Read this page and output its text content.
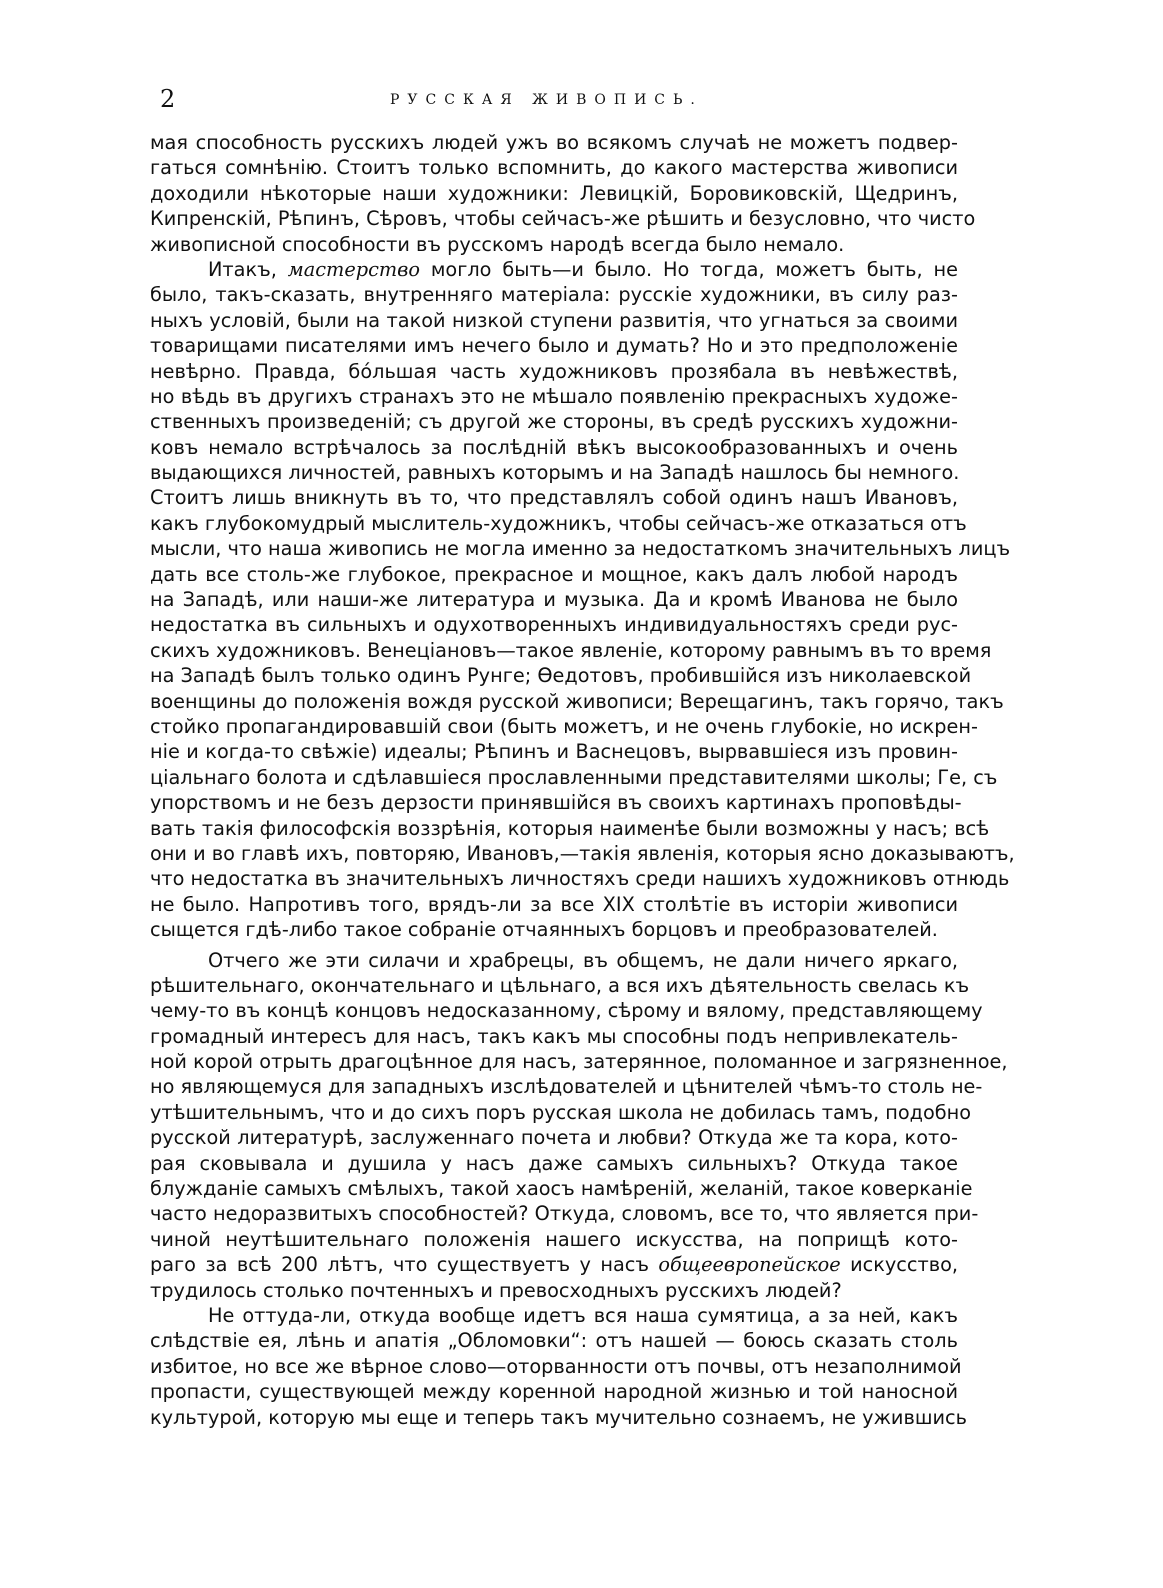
2	РУССКАЯ ЖИВОПИСЬ.
мая способность русскихъ людей ужъ во всякомъ случаѣ не можетъ подвер-
гаться сомнѣнію. Стоитъ только вспомнить, до какого мастерства живописи
доходили нѣкоторые наши художники: Левицкій, Боровиковскій, Щедринъ,
Кипренскій, Рѣпинъ, Сѣровъ, чтобы сейчасъ-же рѣшить и безусловно, что чисто
живописной способности въ русскомъ народѣ всегда было немало.
Итакъ, мастерство могло быть—и было. Но тогда, можетъ быть, не
было, такъ-сказать, внутренняго матеріала: русскіе художники, въ силу раз-
ныхъ условій, были на такой низкой ступени развитія, что угнаться за своими
товарищами писателями имъ нечего было и думать? Но и это предположеніе
невѣрно. Правда, бóльшая часть художниковъ прозябала въ невѣжествѣ,
но вѣдь въ другихъ странахъ это не мѣшало появленію прекрасныхъ художе-
ственныхъ произведеній; съ другой же стороны, въ средѣ русскихъ художни-
ковъ немало встрѣчалось за послѣдній вѣкъ высокообразованныхъ и очень
выдающихся личностей, равныхъ которымъ и на Западѣ нашлось бы немного.
Стоитъ лишь вникнуть въ то, что представлялъ собой одинъ нашъ Ивановъ,
какъ глубокомудрый мыслитель-художникъ, чтобы сейчасъ-же отказаться отъ
мысли, что наша живопись не могла именно за недостаткомъ значительныхъ лицъ
дать все столь-же глубокое, прекрасное и мощное, какъ далъ любой народъ
на Западѣ, или наши-же литература и музыка. Да и кромѣ Иванова не было
недостатка въ сильныхъ и одухотворенныхъ индивидуальностяхъ среди рус-
скихъ художниковъ. Венеціановъ—такое явленіе, которому равнымъ въ то время
на Западѣ былъ только одинъ Рунге; Ѳедотовъ, пробившійся изъ николаевской
военщины до положенія вождя русской живописи; Верещагинъ, такъ горячо, такъ
стойко пропагандировавшій свои (быть можетъ, и не очень глубокіе, но искрен-
ніе и когда-то свѣжіе) идеалы; Рѣпинъ и Васнецовъ, вырвавшіеся изъ провин-
ціальнаго болота и сдѣлавшіеся прославленными представителями школы; Ге, съ
упорствомъ и не безъ дерзости принявшійся въ своихъ картинахъ проповѣды-
вать такія философскія воззрѣнія, которыя наименѣе были возможны у насъ; всѣ
они и во главѣ ихъ, повторяю, Ивановъ,—такія явленія, которыя ясно доказываютъ,
что недостатка въ значительныхъ личностяхъ среди нашихъ художниковъ отнюдь
не было. Напротивъ того, врядъ-ли за все XIX столѣтіе въ исторіи живописи
сыщется гдѣ-либо такое собраніе отчаянныхъ борцовъ и преобразователей.
Отчего же эти силачи и храбрецы, въ общемъ, не дали ничего яркаго,
рѣшительнаго, окончательнаго и цѣльнаго, а вся ихъ дѣятельность свелась къ
чему-то въ концѣ концовъ недосказанному, сѣрому и вялому, представляющему
громадный интересъ для насъ, такъ какъ мы способны подъ непривлекатель-
ной корой отрыть драгоцѣнное для насъ, затерянное, поломанное и загрязненное,
но являющемуся для западныхъ изслѣдователей и цѣнителей чѣмъ-то столь не-
утѣшительнымъ, что и до сихъ поръ русская школа не добилась тамъ, подобно
русской литературѣ, заслуженнаго почета и любви? Откуда же та кора, кото-
рая сковывала и душила у насъ даже самыхъ сильныхъ? Откуда такое
блужданіе самыхъ смѣлыхъ, такой хаосъ намѣреній, желаній, такое коверканіе
часто недоразвитыхъ способностей? Откуда, словомъ, все то, что является при-
чиной неутѣшительнаго положенія нашего искусства, на поприщѣ кото-
раго за всѣ 200 лѣтъ, что существуетъ у насъ общеевропейское искусство,
трудилось столько почтенныхъ и превосходныхъ русскихъ людей?
Не оттуда-ли, откуда вообще идетъ вся наша сумятица, а за ней, какъ
слѣдствіе ея, лѣнь и апатія „Обломовки“: отъ нашей — боюсь сказать столь
избитое, но все же вѣрное слово—оторванности отъ почвы, отъ незаполнимой
пропасти, существующей между коренной народной жизнью и той наносной
культурой, которую мы еще и теперь такъ мучительно сознаемъ, не ужившись
